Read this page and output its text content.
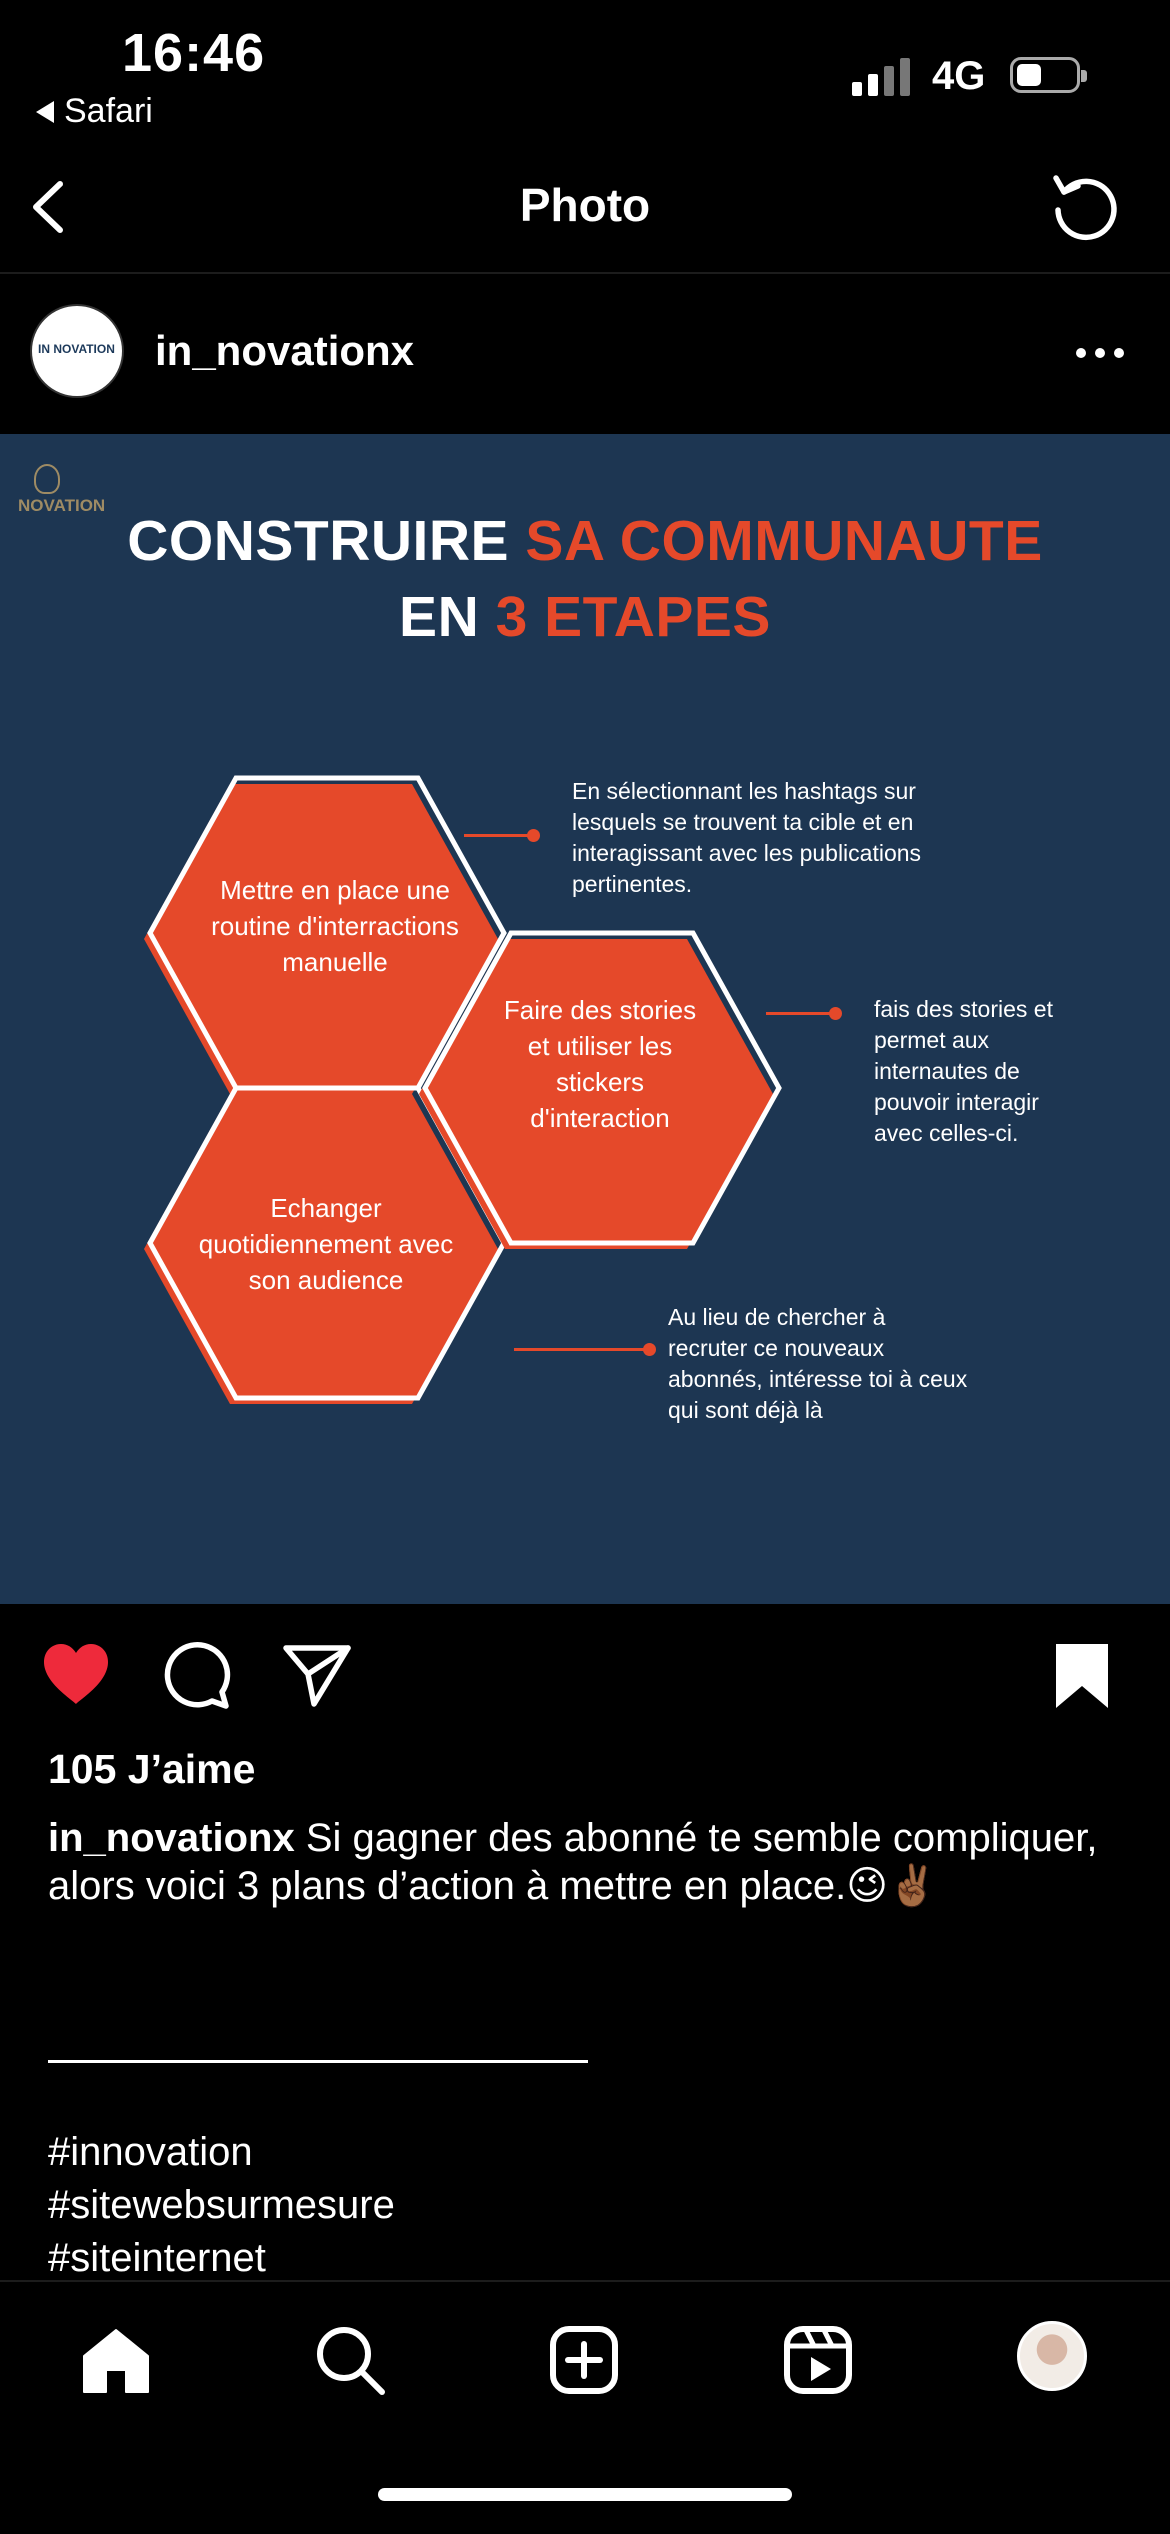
16:46
Safari
4G
Photo
IN NOVATION in_novationx
NOVATION
CONSTRUIRE SA COMMUNAUTE
EN 3 ETAPES
Mettre en place une routine d'interractions manuelle
Faire des stories et utiliser les stickers d'interaction
Echanger quotidiennement avec son audience
En sélectionnant les hashtags sur lesquels se trouvent ta cible et en interagissant avec les publications pertinentes.
fais des stories et permet aux internautes de pouvoir interagir avec celles-ci.
Au lieu de chercher à recruter ce nouveaux abonnés, intéresse toi à ceux qui sont déjà là
105 J’aime
in_novationx Si gagner des abonné te semble compliquer, alors voici 3 plans d’action à mettre en place.😉✌🏾
#innovation
#sitewebsurmesure
#siteinternet
